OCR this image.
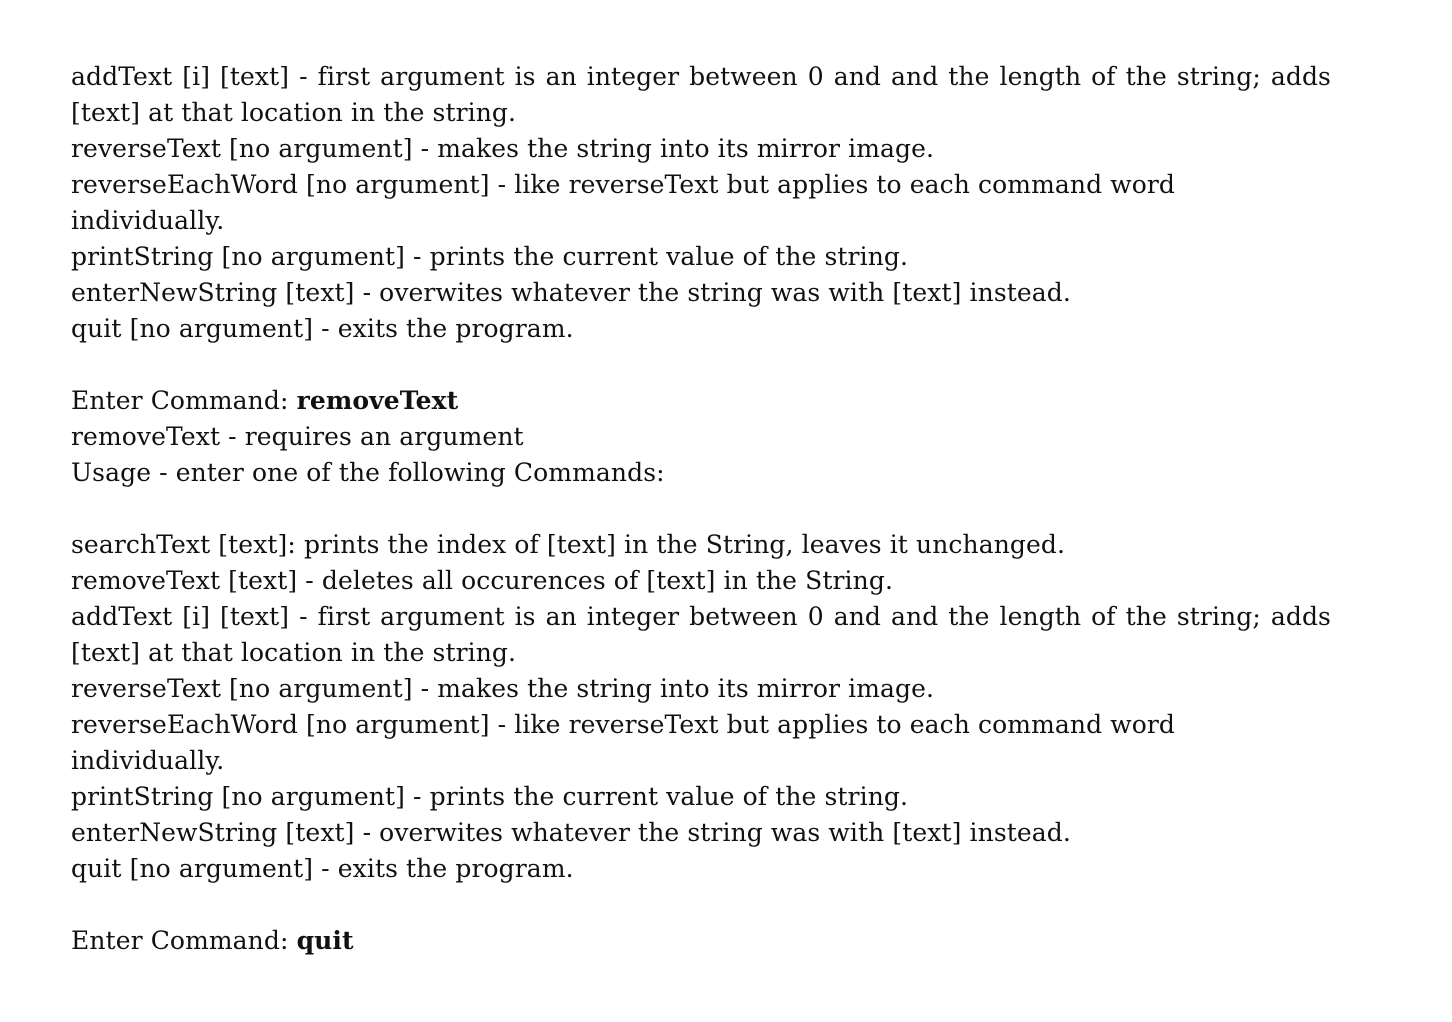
addText [i] [text] - first argument is an integer between 0 and and the length of the string; adds [text] at that location in the string.
reverseText [no argument] - makes the string into its mirror image.
reverseEachWord [no argument] - like reverseText but applies to each command word individually.
printString [no argument] - prints the current value of the string.
enterNewString [text] - overwites whatever the string was with [text] instead.
quit [no argument] - exits the program.
Enter Command: removeText
removeText - requires an argument
Usage - enter one of the following Commands:
searchText [text]: prints the index of [text] in the String, leaves it unchanged.
removeText [text] - deletes all occurences of [text] in the String.
addText [i] [text] - first argument is an integer between 0 and and the length of the string; adds [text] at that location in the string.
reverseText [no argument] - makes the string into its mirror image.
reverseEachWord [no argument] - like reverseText but applies to each command word individually.
printString [no argument] - prints the current value of the string.
enterNewString [text] - overwites whatever the string was with [text] instead.
quit [no argument] - exits the program.
Enter Command: quit
